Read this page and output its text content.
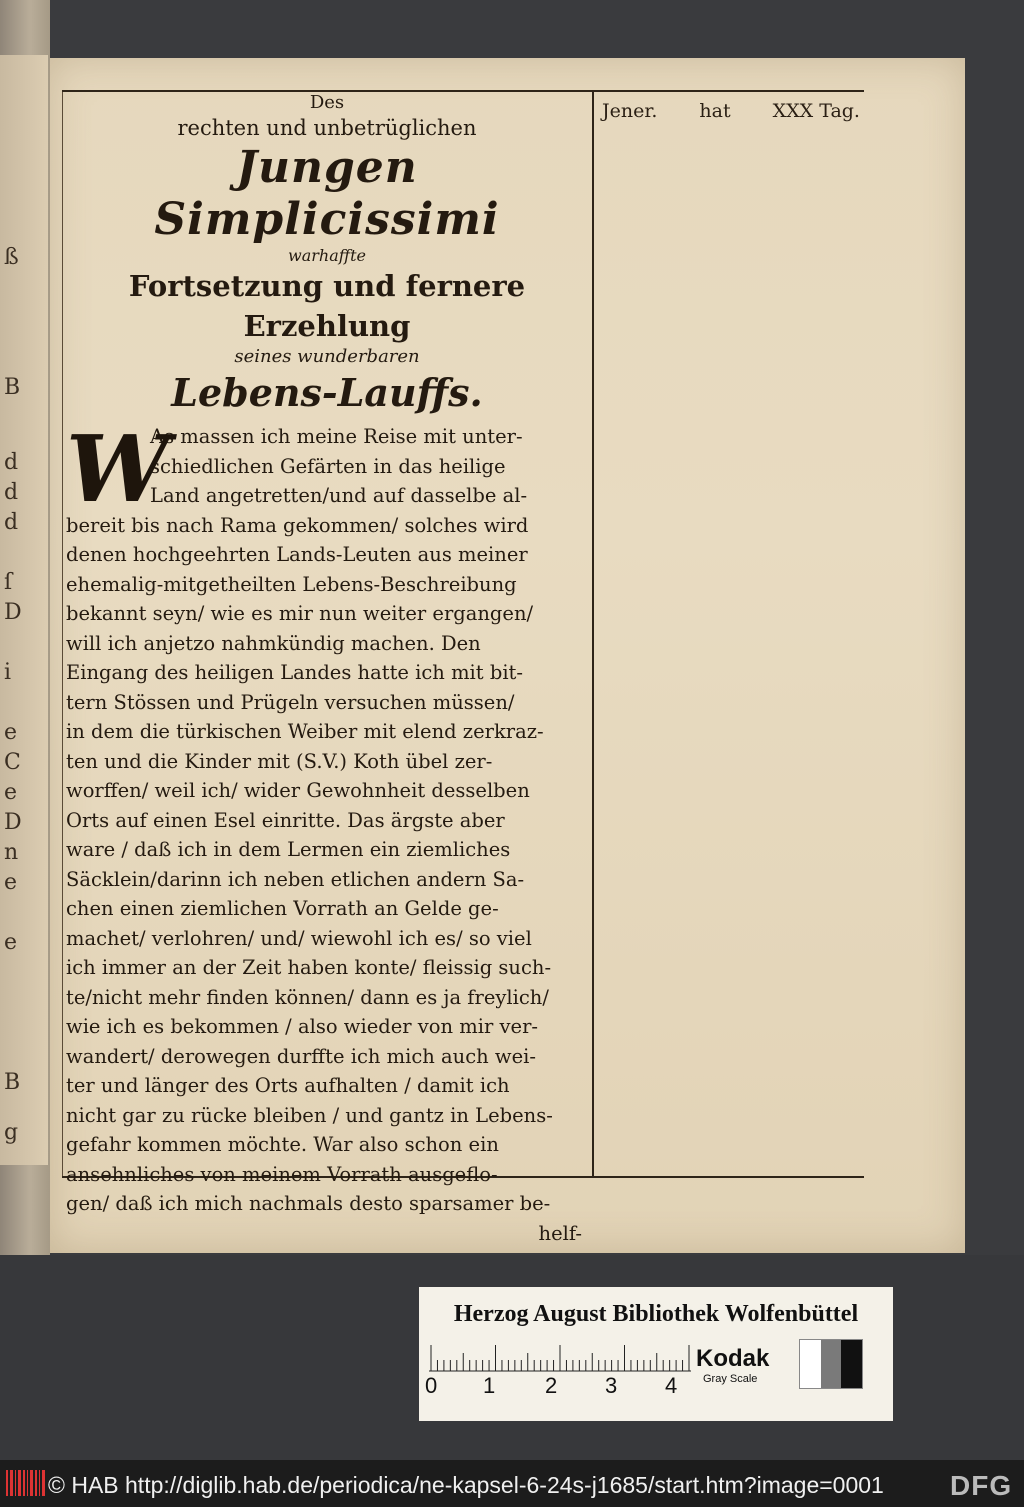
ß
B
d
d
d
ſ
D
i
e
C
e
D
n
e
e
B
g
Jener. hat XXX Tag.

Des

rechten und unbetrüglichen

Jungen Simplicissimi

warhaffte

Fortsetzung und fernere Erzehlung

seines wunderbaren

Lebens-Lauffs.

W
As massen ich meine Reise mit unter-
schiedlichen Gefärten in das heilige
Land angetretten/und auf dasselbe al-
bereit bis nach Rama gekommen/ solches wird
denen hochgeehrten Lands-Leuten aus meiner
ehemalig-mitgetheilten Lebens-Beschreibung
bekannt seyn/ wie es mir nun weiter ergangen/
will ich anjetzo nahmkündig machen. Den
Eingang des heiligen Landes hatte ich mit bit-
tern Stössen und Prügeln versuchen müssen/
in dem die türkischen Weiber mit elend zerkraz-
ten und die Kinder mit (S.V.) Koth übel zer-
worffen/ weil ich/ wider Gewohnheit desselben
Orts auf einen Esel einritte. Das ärgste aber
ware / daß ich in dem Lermen ein ziemliches
Säcklein/darinn ich neben etlichen andern Sa-
chen einen ziemlichen Vorrath an Gelde ge-
machet/ verlohren/ und/ wiewohl ich es/ so viel
ich immer an der Zeit haben konte/ fleissig such-
te/nicht mehr finden können/ dann es ja freylich/
wie ich es bekommen / also wieder von mir ver-
wandert/ derowegen durffte ich mich auch wei-
ter und länger des Orts aufhalten / damit ich
nicht gar zu rücke bleiben / und gantz in Lebens-
gefahr kommen möchte. War also schon ein
ansehnliches von meinem Vorrath ausgeflo-
gen/ daß ich mich nachmals desto sparsamer be-
helf-
Herzog August Bibliothek Wolfenbüttel
0 1 2 3 4
Kodak
Gray Scale
© HAB http://diglib.hab.de/periodica/ne-kapsel-6-24s-j1685/start.htm?image=0001 DFG
